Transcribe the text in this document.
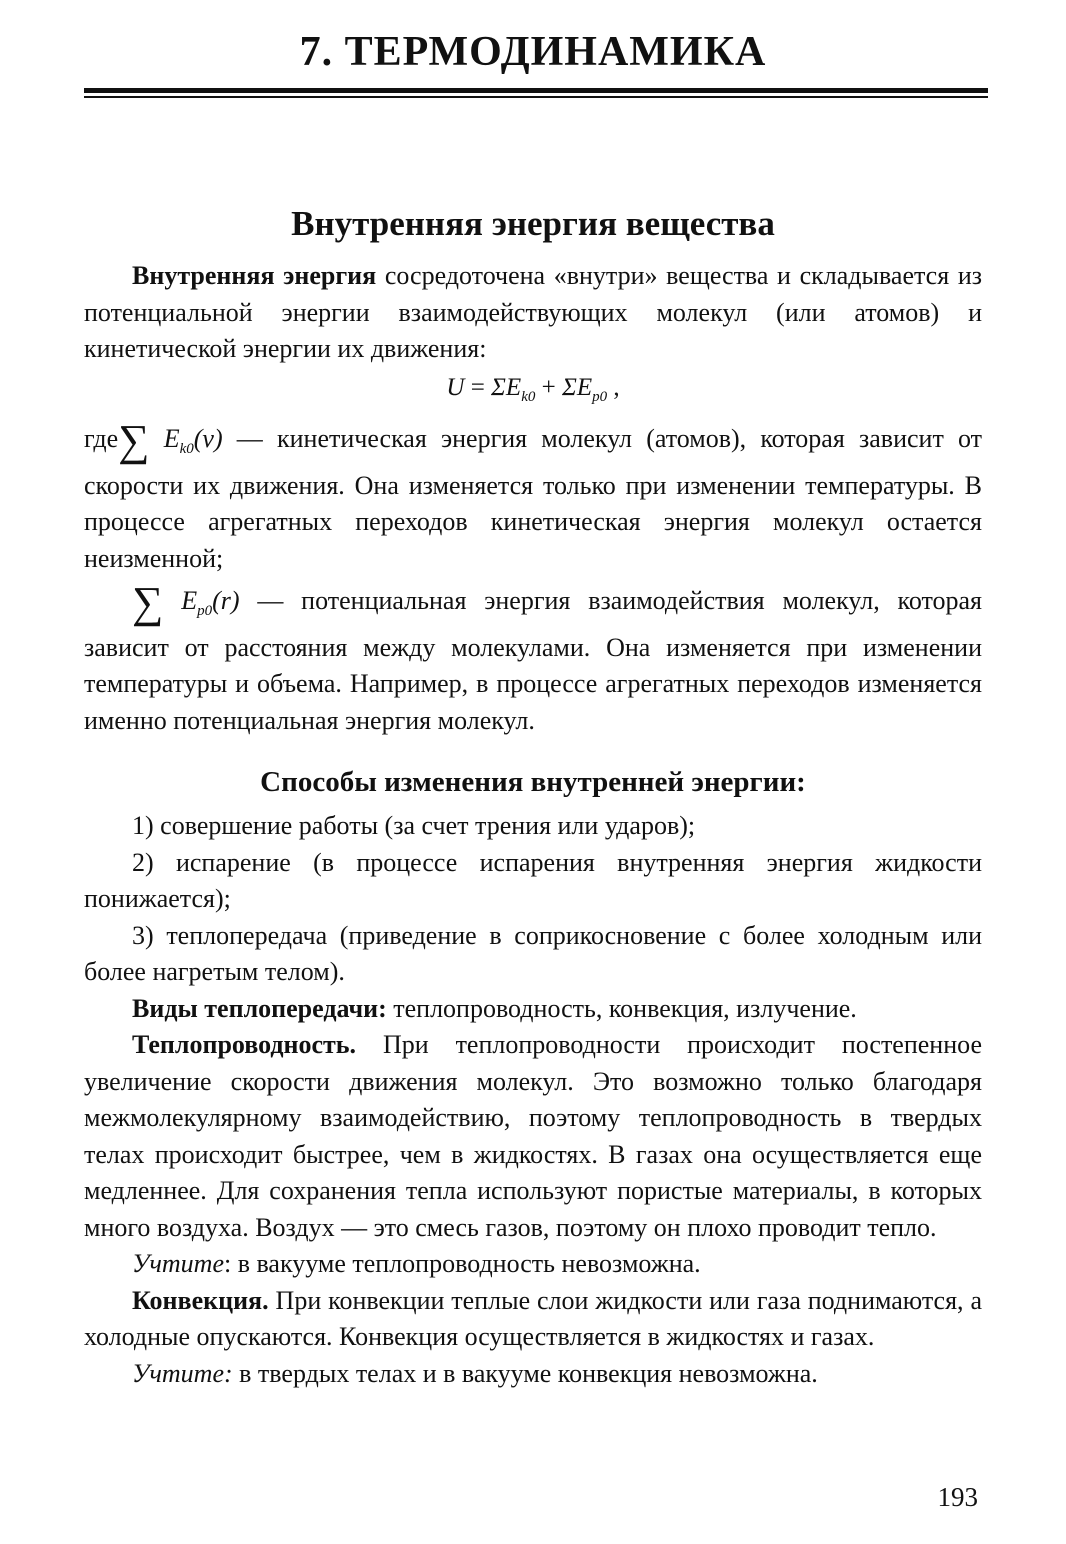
7. ТЕРМОДИНАМИКА
Внутренняя энергия вещества

Внутренняя энергия сосредоточена «внутри» вещества и складывается из потенциальной энергии взаимодействующих молекул (или атомов) и кинетической энергии их движения:

$U = \Sigma E_{k0} + \Sigma E_{p0}$ ,

где∑ $E_{k0}(v)$ — кинетическая энергия молекул (атомов), которая зависит от скорости их движения. Она изменяется только при изменении температуры. В процессе агрегатных переходов кинетическая энергия молекул остается неизменной;

∑ $E_{p0}(r)$ — потенциальная энергия взаимодействия молекул, которая зависит от расстояния между молекулами. Она изменяется при изменении температуры и объема. Например, в процессе агрегатных переходов изменяется именно потенциальная энергия молекул.

Способы изменения внутренней энергии:

1) совершение работы (за счет трения или ударов);

2) испарение (в процессе испарения внутренняя энергия жидкости понижается);

3) теплопередача (приведение в соприкосновение с более холодным или более нагретым телом).

Виды теплопередачи: теплопроводность, конвекция, излучение.

Теплопроводность. При теплопроводности происходит постепенное увеличение скорости движения молекул. Это возможно только благодаря межмолекулярному взаимодействию, поэтому теплопроводность в твердых телах происходит быстрее, чем в жидкостях. В газах она осуществляется еще медленнее. Для сохранения тепла используют пористые материалы, в которых много воздуха. Воздух — это смесь газов, поэтому он плохо проводит тепло.

Учтите: в вакууме теплопроводность невозможна.

Конвекция. При конвекции теплые слои жидкости или газа поднимаются, а холодные опускаются. Конвекция осуществляется в жидкостях и газах.

Учтите: в твердых телах и в вакууме конвекция невозможна.

193
